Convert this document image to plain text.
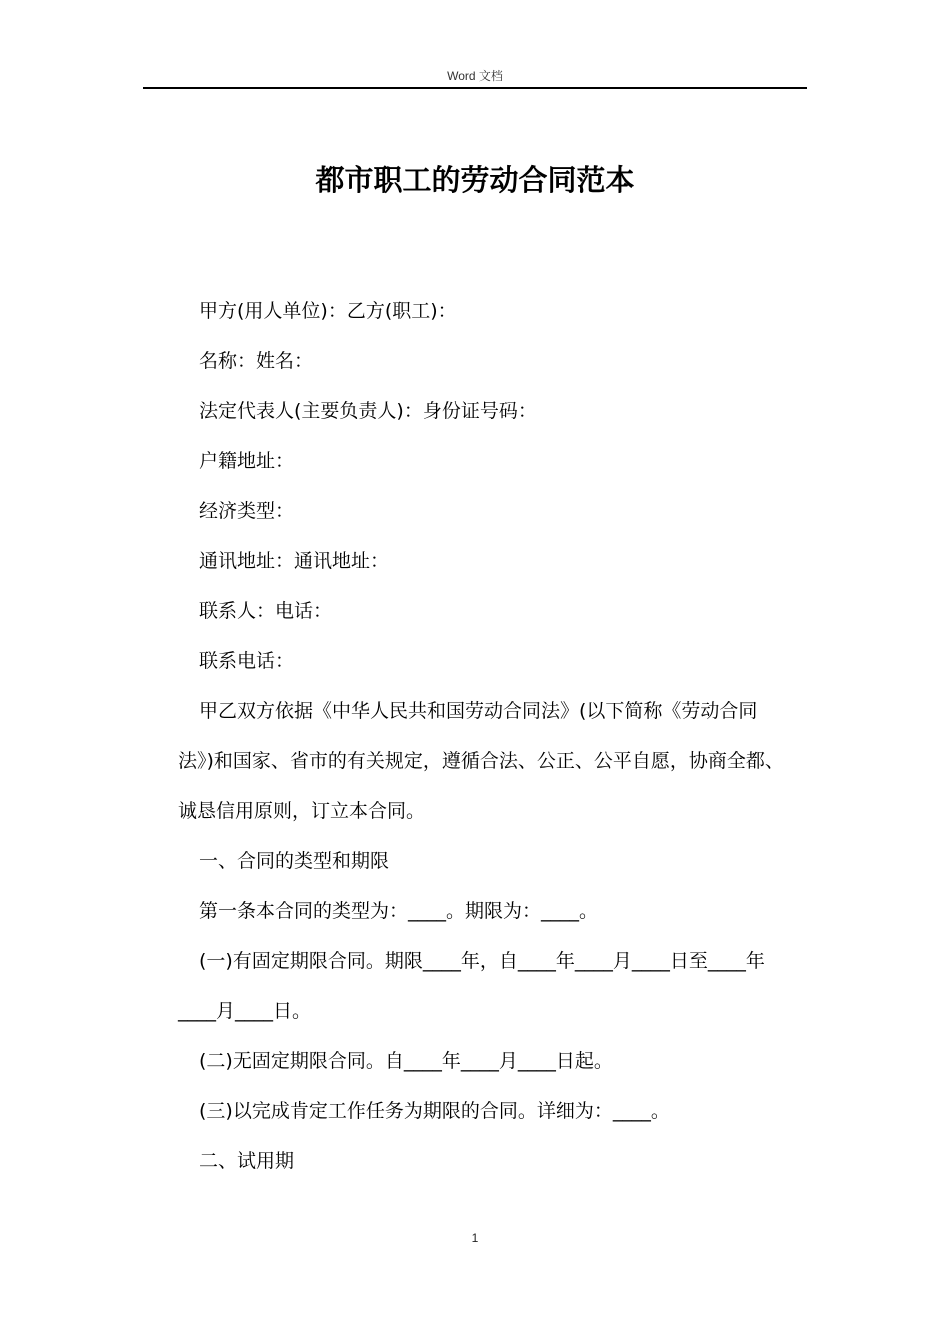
Word 文档
都市职工的劳动合同范本

甲方(用人单位)：乙方(职工)：

名称：姓名：

法定代表人(主要负责人)：身份证号码：

户籍地址：

经济类型：

通讯地址：通讯地址：

联系人：电话：

联系电话：

甲乙双方依据《中华人民共和国劳动合同法》(以下简称《劳动合同法》)和国家、省市的有关规定，遵循合法、公正、公平自愿，协商全都、诚恳信用原则，订立本合同。

一、合同的类型和期限

第一条本合同的类型为：____。期限为：____。

(一)有固定期限合同。期限____年，自____年____月____日至____年____月____日。

(二)无固定期限合同。自____年____月____日起。

(三)以完成肯定工作任务为期限的合同。详细为：____。

二、试用期

1
